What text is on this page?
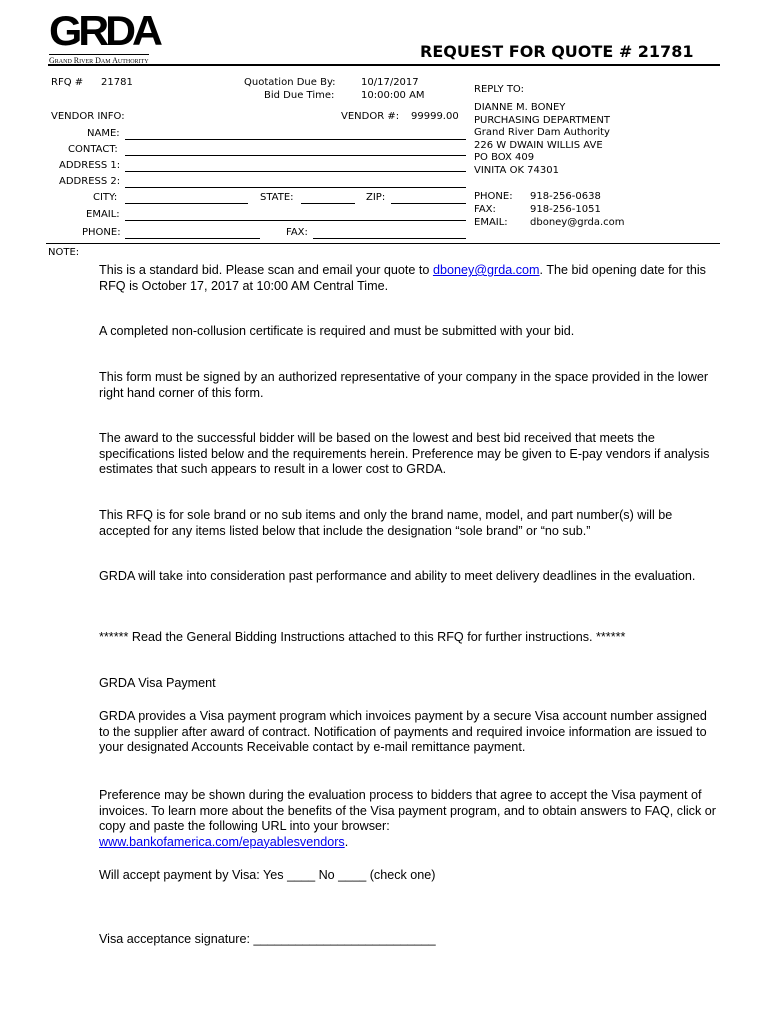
GRDA
Grand River Dam Authority	REQUEST FOR QUOTE # 21781
RFQ # 21781	Quotation Due By:	10/17/2017
Bid Due Time:	10:00:00 AM
VENDOR INFO:	VENDOR #: 99999.00
NAME:
CONTACT:
ADDRESS 1:
ADDRESS 2:
CITY:	STATE:	ZIP:
EMAIL:
PHONE:	FAX:
REPLY TO:
DIANNE M. BONEY
PURCHASING DEPARTMENT
Grand River Dam Authority
226 W DWAIN WILLIS AVE
PO BOX 409
VINITA OK 74301
PHONE: 918-256-0638
FAX:	918-256-1051
EMAIL: dboney@grda.com
NOTE:

This is a standard bid. Please scan and email your quote to dboney@grda.com. The bid opening date for this RFQ is October 17, 2017 at 10:00 AM Central Time.

A completed non-collusion certificate is required and must be submitted with your bid.

This form must be signed by an authorized representative of your company in the space provided in the lower right hand corner of this form.

The award to the successful bidder will be based on the lowest and best bid received that meets the specifications listed below and the requirements herein. Preference may be given to E-pay vendors if analysis estimates that such appears to result in a lower cost to GRDA.

This RFQ is for sole brand or no sub items and only the brand name, model, and part number(s) will be accepted for any items listed below that include the designation “sole brand” or “no sub.”

GRDA will take into consideration past performance and ability to meet delivery deadlines in the evaluation.

****** Read the General Bidding Instructions attached to this RFQ for further instructions. ******

GRDA Visa Payment

GRDA provides a Visa payment program which invoices payment by a secure Visa account number assigned to the supplier after award of contract. Notification of payments and required invoice information are issued to your designated Accounts Receivable contact by e-mail remittance payment.

Preference may be shown during the evaluation process to bidders that agree to accept the Visa payment of invoices. To learn more about the benefits of the Visa payment program, and to obtain answers to FAQ, click or copy and paste the following URL into your browser:
www.bankofamerica.com/epayablesvendors.

Will accept payment by Visa: Yes ____ No ____ (check one)

Visa acceptance signature: __________________________
